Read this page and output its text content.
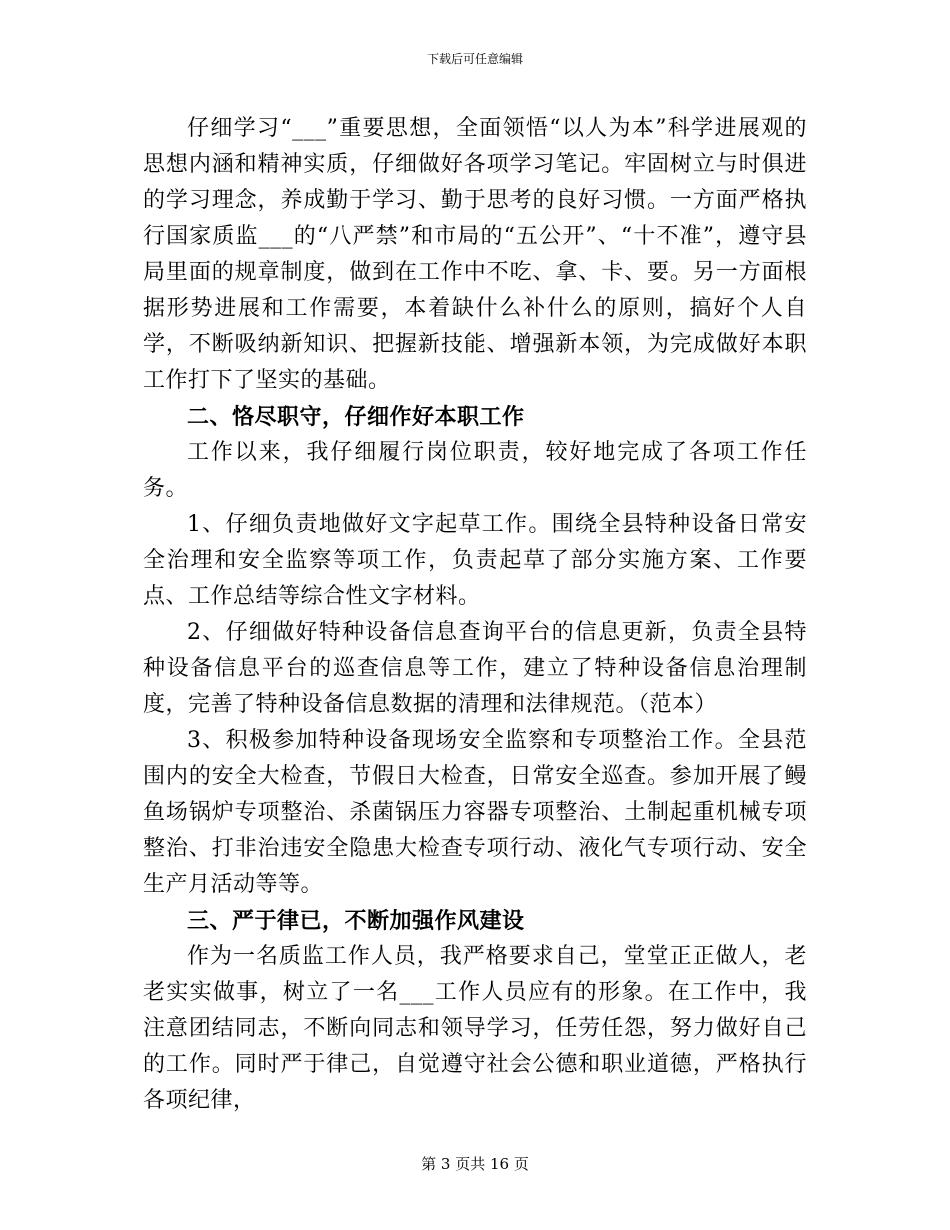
下载后可任意编辑

仔细学习“___”重要思想，全面领悟“以人为本”科学进展观的思想内涵和精神实质，仔细做好各项学习笔记。牢固树立与时俱进的学习理念，养成勤于学习、勤于思考的良好习惯。一方面严格执行国家质监___的“八严禁”和市局的“五公开”、“十不准”，遵守县局里面的规章制度，做到在工作中不吃、拿、卡、要。另一方面根据形势进展和工作需要，本着缺什么补什么的原则，搞好个人自学，不断吸纳新知识、把握新技能、增强新本领，为完成做好本职工作打下了坚实的基础。

二、恪尽职守，仔细作好本职工作

工作以来，我仔细履行岗位职责，较好地完成了各项工作任务。

1、仔细负责地做好文字起草工作。围绕全县特种设备日常安全治理和安全监察等项工作，负责起草了部分实施方案、工作要点、工作总结等综合性文字材料。

2、仔细做好特种设备信息查询平台的信息更新，负责全县特种设备信息平台的巡查信息等工作，建立了特种设备信息治理制度，完善了特种设备信息数据的清理和法律规范。（范本）

3、积极参加特种设备现场安全监察和专项整治工作。全县范围内的安全大检查，节假日大检查，日常安全巡查。参加开展了鳗鱼场锅炉专项整治、杀菌锅压力容器专项整治、土制起重机械专项整治、打非治违安全隐患大检查专项行动、液化气专项行动、安全生产月活动等等。

三、严于律已，不断加强作风建设

作为一名质监工作人员，我严格要求自己，堂堂正正做人，老老实实做事，树立了一名___工作人员应有的形象。在工作中，我注意团结同志，不断向同志和领导学习，任劳任怨，努力做好自己的工作。同时严于律己，自觉遵守社会公德和职业道德，严格执行各项纪律，

第 3 页共 16 页
